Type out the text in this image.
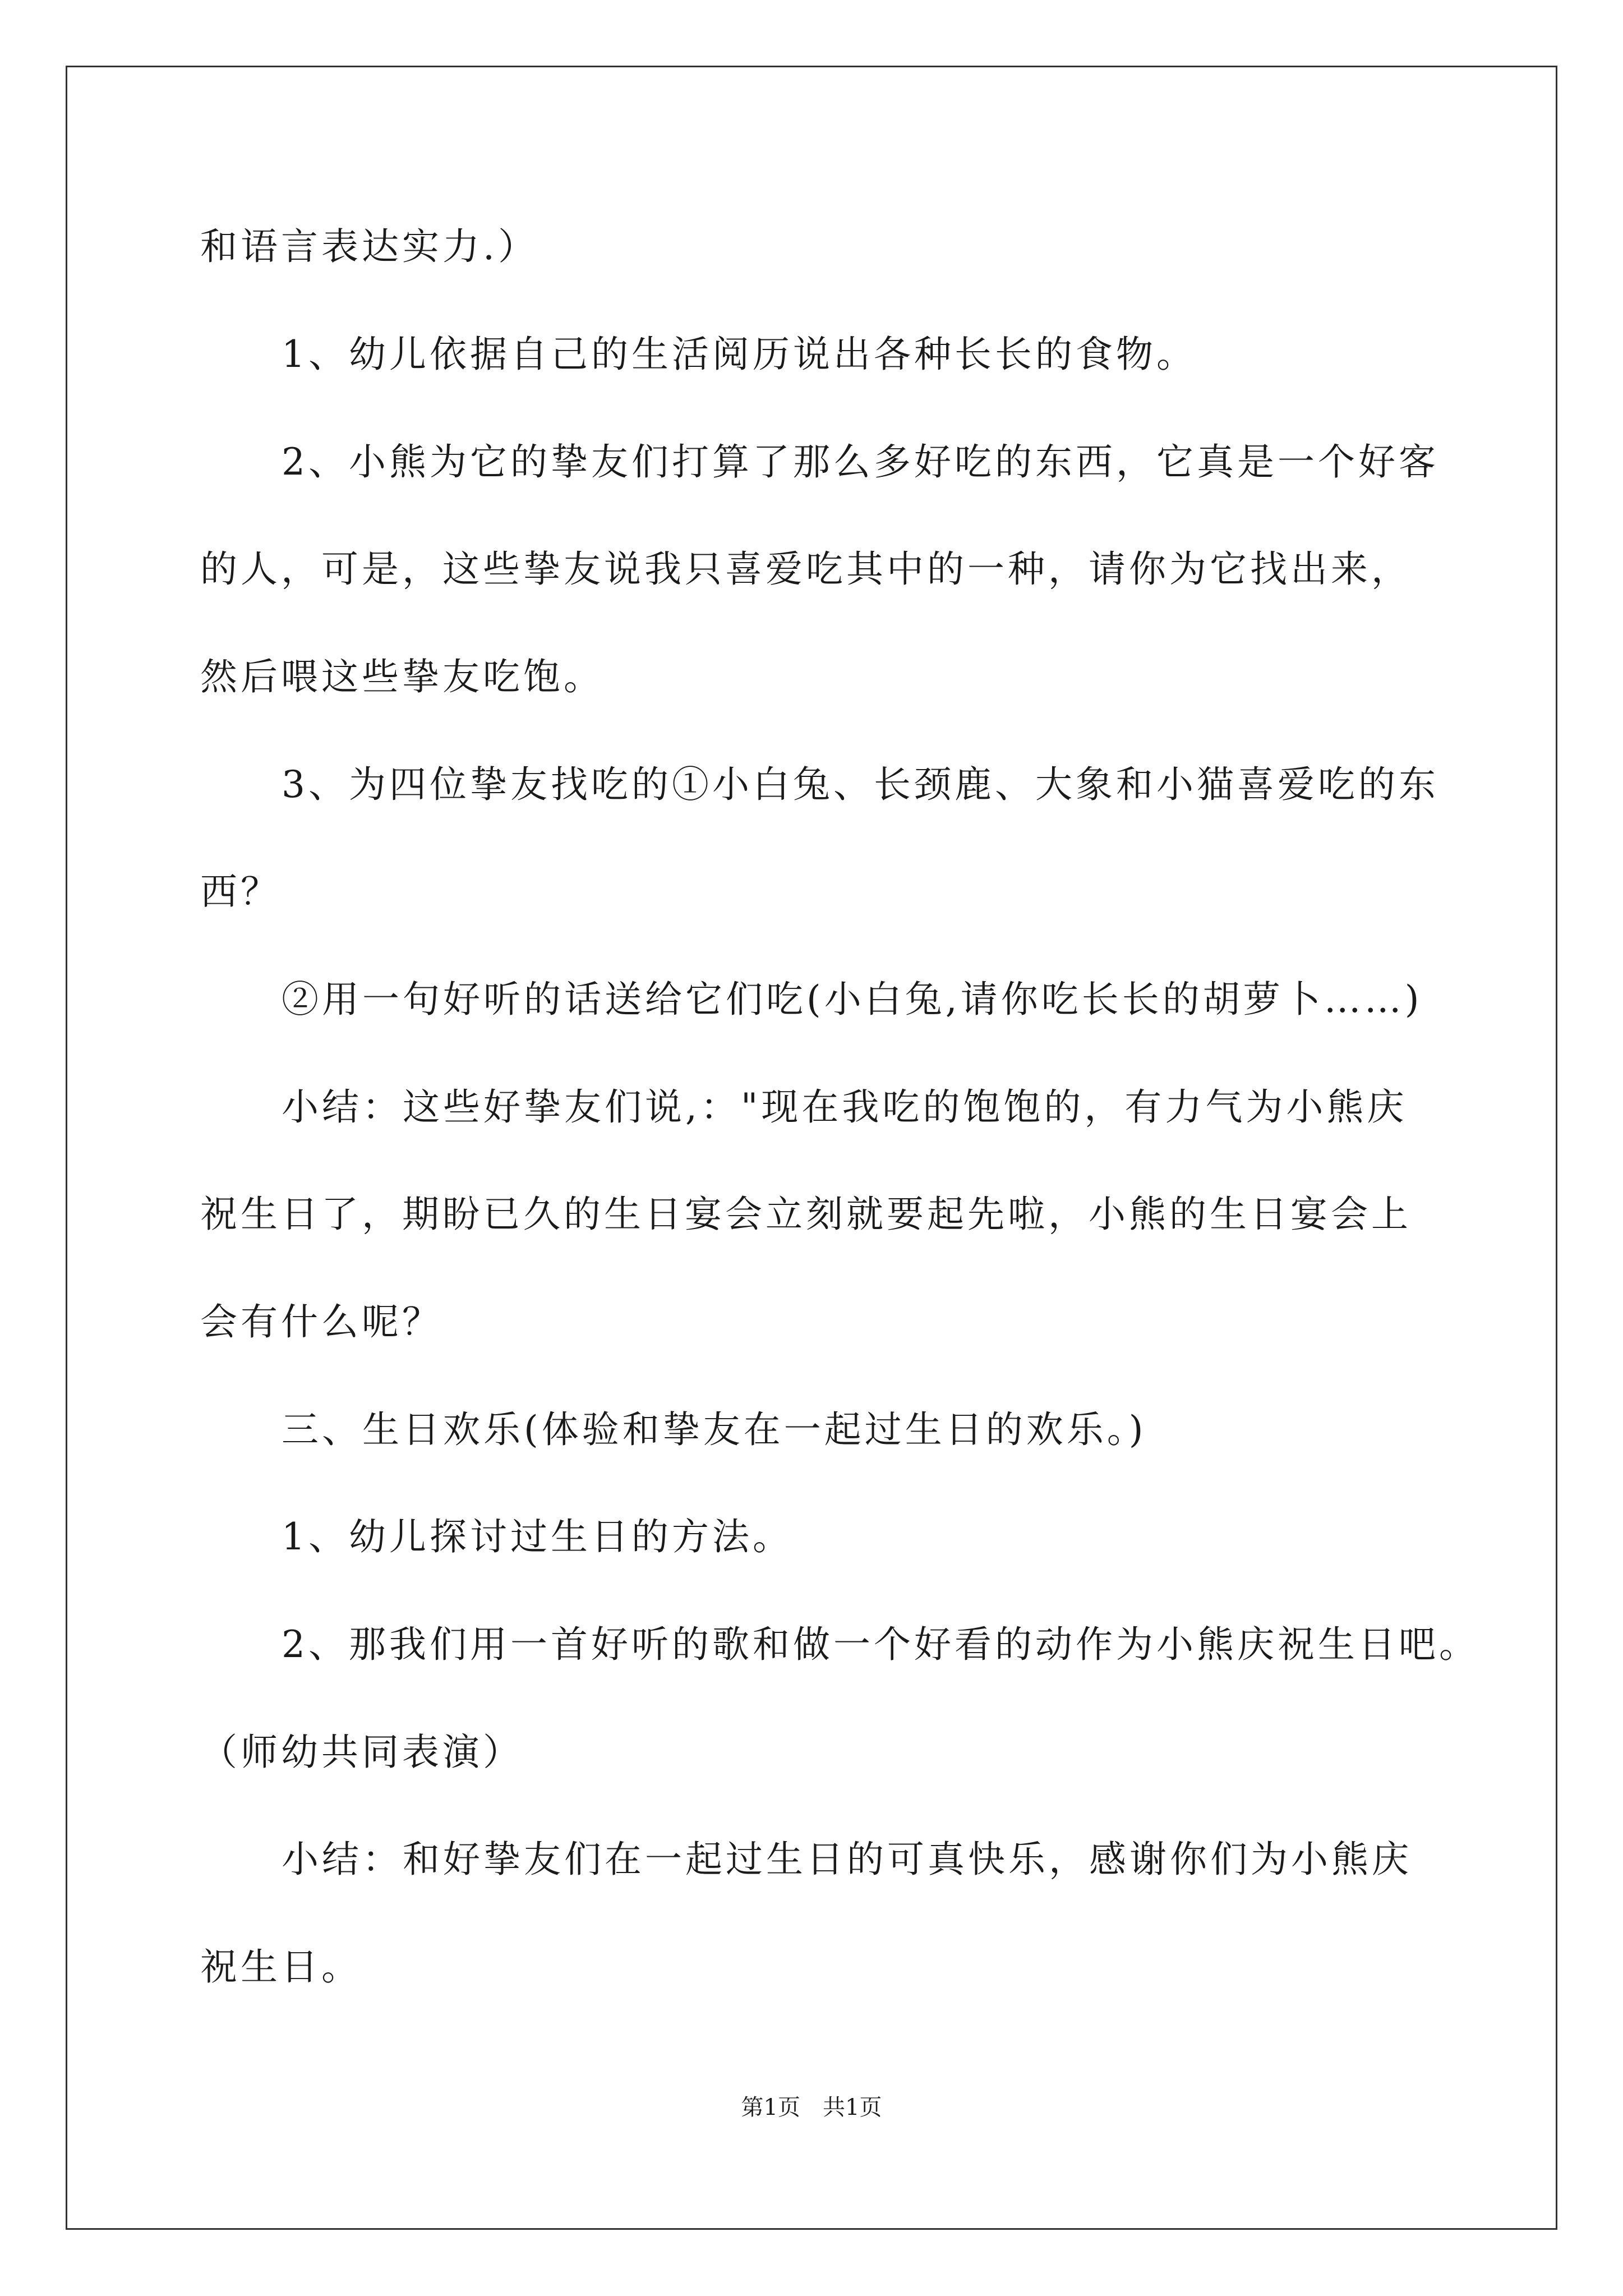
和语言表达实力.）
1、幼儿依据自己的生活阅历说出各种长长的食物。
2、小熊为它的挚友们打算了那么多好吃的东西，它真是一个好客
的人，可是，这些挚友说我只喜爱吃其中的一种，请你为它找出来，
然后喂这些挚友吃饱。
3、为四位挚友找吃的①小白兔、长颈鹿、大象和小猫喜爱吃的东
西？
②用一句好听的话送给它们吃(小白兔,请你吃长长的胡萝卜……)
小结：这些好挚友们说,："现在我吃的饱饱的，有力气为小熊庆
祝生日了，期盼已久的生日宴会立刻就要起先啦，小熊的生日宴会上
会有什么呢？
三、生日欢乐(体验和挚友在一起过生日的欢乐。)
1、幼儿探讨过生日的方法。
2、那我们用一首好听的歌和做一个好看的动作为小熊庆祝生日吧。
（师幼共同表演）
小结：和好挚友们在一起过生日的可真快乐，感谢你们为小熊庆
祝生日。
第1页 共1页
